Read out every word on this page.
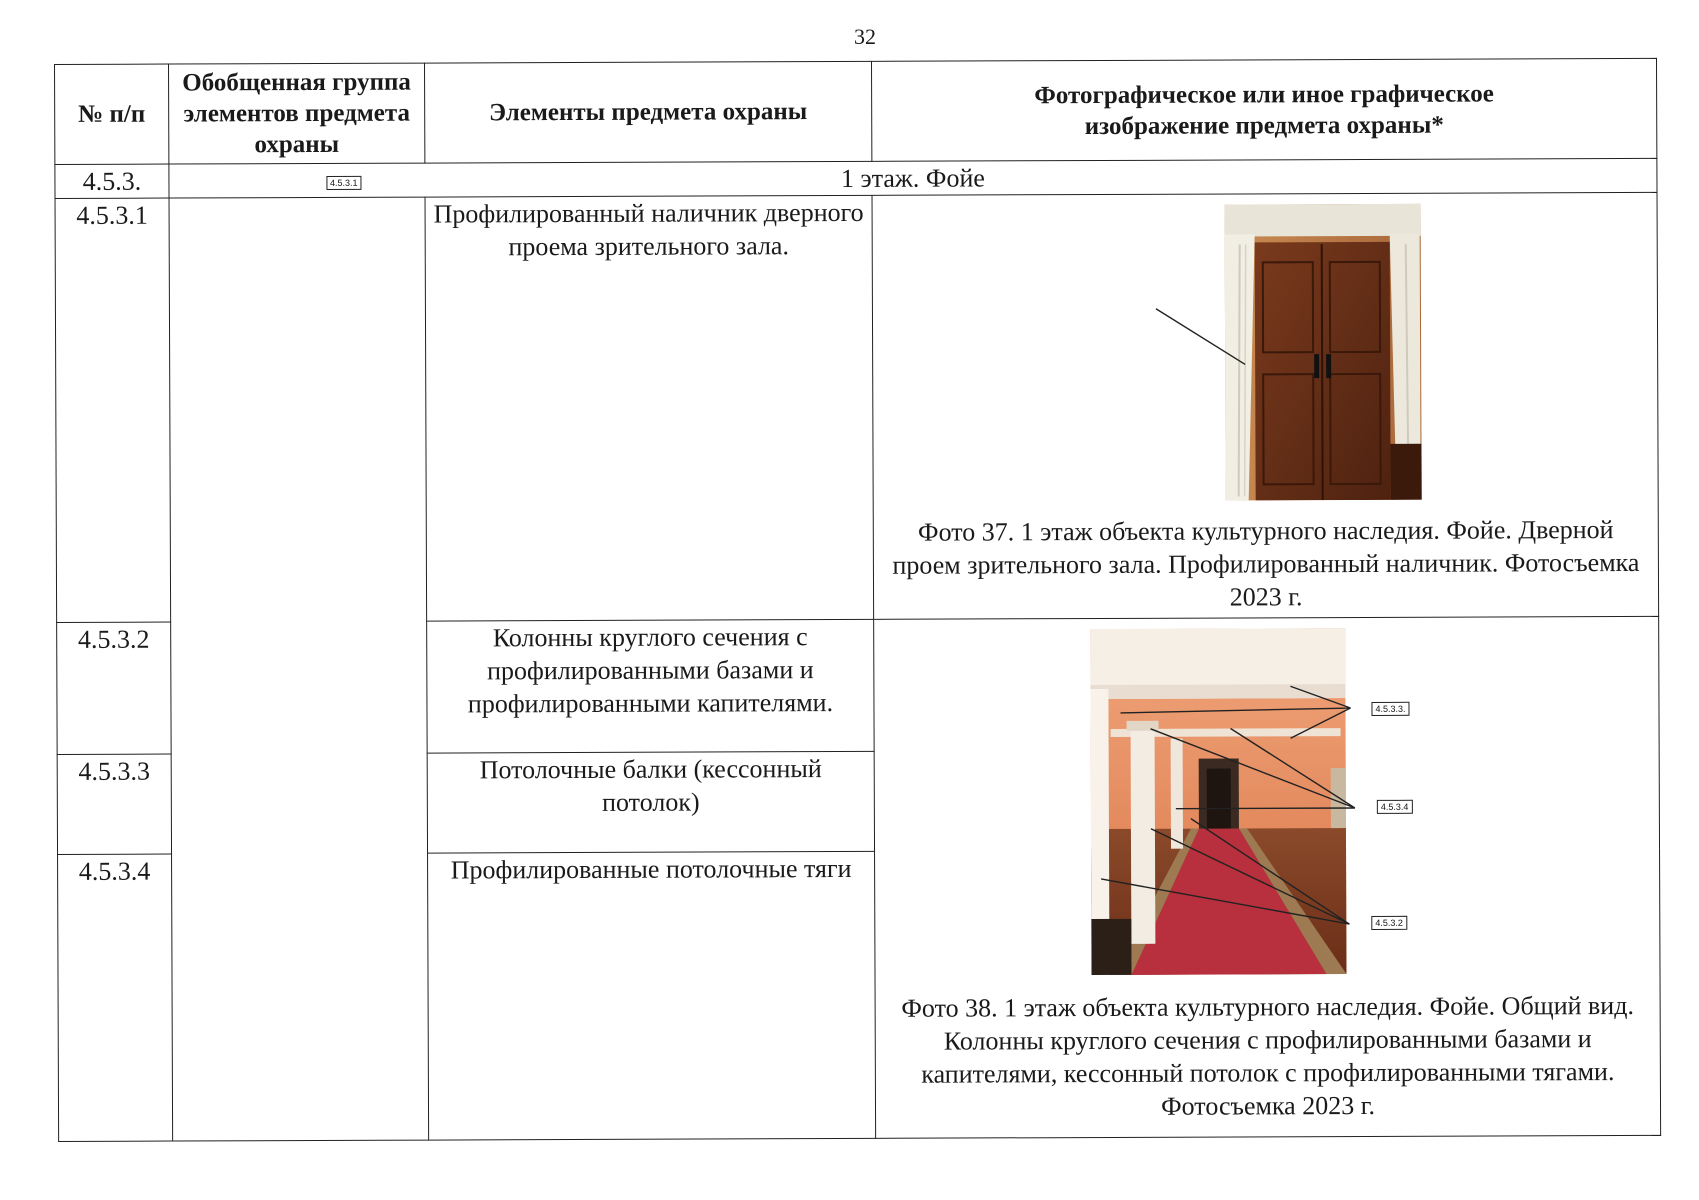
32
№ п/п	Обобщенная группа элементов предмета охраны	Элементы предмета охраны	Фотографическое или иное графическое изображение предмета охраны*
4.5.3.	1 этаж. Фойе		
4.5.3.1		Профилированный наличник дверного проема зрительного зала.	4.5.3.1
Фото 37. 1 этаж объекта культурного наследия. Фойе. Дверной проем зрительного зала. Профилированный наличник. Фотосъемка 2023 г.

4.5.3.2		Колонны круглого сечения с профилированными базами и профилированными капителями.	4.5.3.3.
4.5.3.4
4.5.3.2
Фото 38. 1 этаж объекта культурного наследия. Фойе. Общий вид. Колонны круглого сечения с профилированными базами и капителями, кессонный потолок с профилированными тягами. Фотосъемка 2023 г.

4.5.3.3		Потолочные балки (кессонный потолок)	
4.5.3.4		Профилированные потолочные тяги	
